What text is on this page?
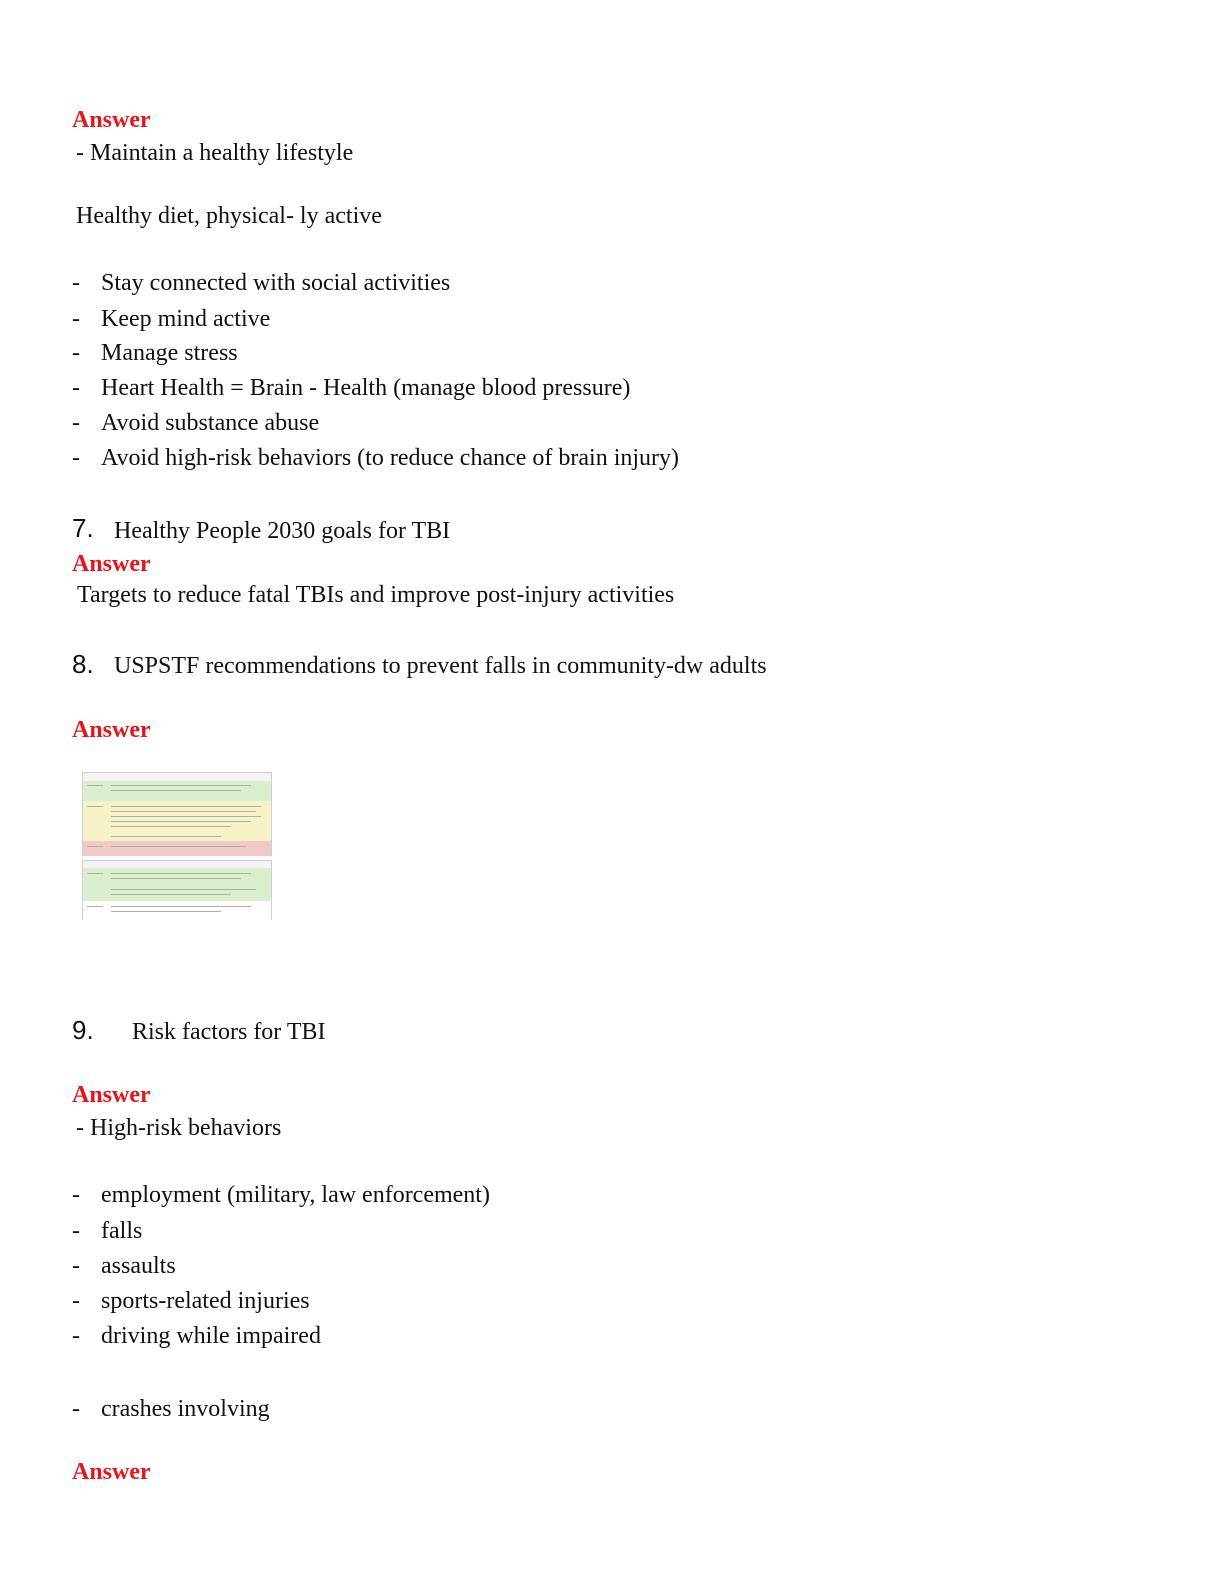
Answer
- Maintain a healthy lifestyle
Healthy diet, physical- ly active
- Stay connected with social activities
- Keep mind active
- Manage stress
- Heart Health = Brain - Health (manage blood pressure)
- Avoid substance abuse
- Avoid high-risk behaviors (to reduce chance of brain injury)
7. Healthy People 2030 goals for TBI
Answer
Targets to reduce fatal TBIs and improve post-injury activities
8. USPSTF recommendations to prevent falls in community-dw adults
Answer
9. Risk factors for TBI
Answer
- High-risk behaviors
- employment (military, law enforcement)
- falls
- assaults
- sports-related injuries
- driving while impaired
- crashes involving
Answer
